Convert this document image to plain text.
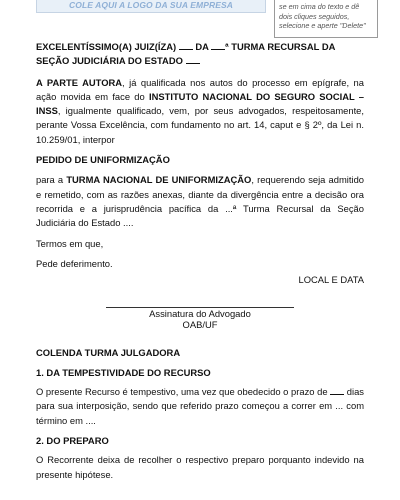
COLE AQUI A LOGO DA SUA EMPRESA	se em cima do texto e dê dois cliques seguidos, selecione e aperte "Delete"

EXCELENTÍSSIMO(A) JUIZ(ÍZA) DA ª TURMA RECURSAL DA SEÇÃO JUDICIÁRIA DO ESTADO

A PARTE AUTORA, já qualificada nos autos do processo em epígrafe, na ação movida em face do INSTITUTO NACIONAL DO SEGURO SOCIAL – INSS, igualmente qualificado, vem, por seus advogados, respeitosamente, perante Vossa Excelência, com fundamento no art. 14, caput e § 2º, da Lei n. 10.259/01, interpor

PEDIDO DE UNIFORMIZAÇÃO

para a TURMA NACIONAL DE UNIFORMIZAÇÃO, requerendo seja admitido e remetido, com as razões anexas, diante da divergência entre a decisão ora recorrida e a jurisprudência pacífica da ...ª Turma Recursal da Seção Judiciária do Estado ....

Termos em que,

Pede deferimento.

LOCAL E DATA

Assinatura do Advogado

OAB/UF

COLENDA TURMA JULGADORA

1. DA TEMPESTIVIDADE DO RECURSO

O presente Recurso é tempestivo, uma vez que obedecido o prazo de dias para sua interposição, sendo que referido prazo começou a correr em ... com término em ....

2. DO PREPARO

O Recorrente deixa de recolher o respectivo preparo porquanto indevido na presente hipótese.
